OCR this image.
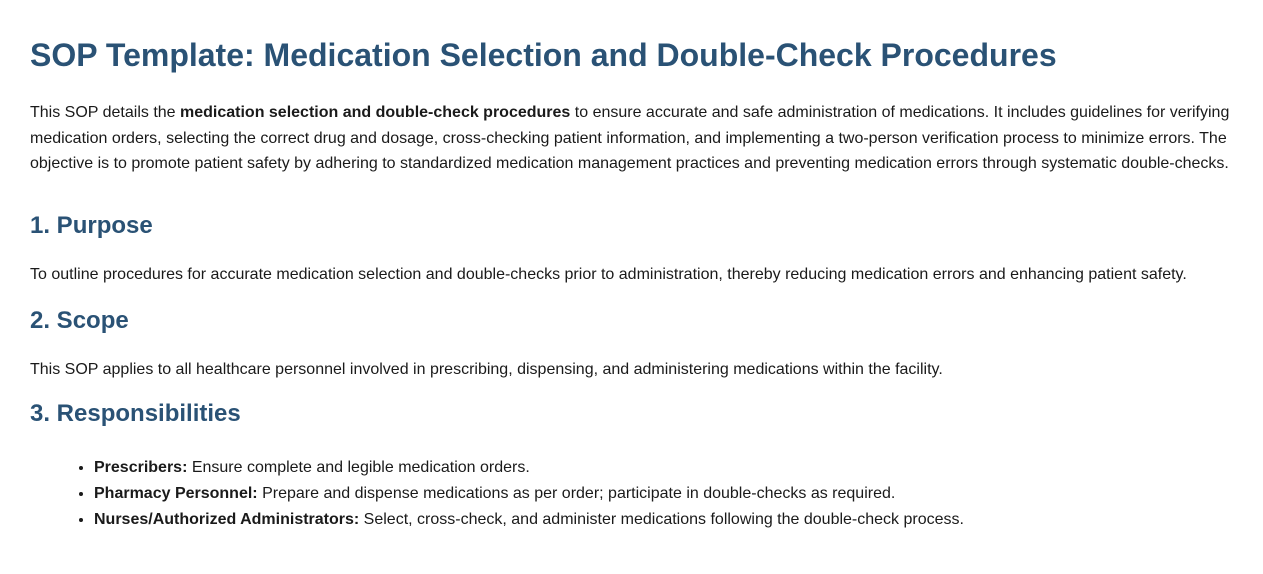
SOP Template: Medication Selection and Double-Check Procedures

This SOP details the medication selection and double-check procedures to ensure accurate and safe administration of medications. It includes guidelines for verifying medication orders, selecting the correct drug and dosage, cross-checking patient information, and implementing a two-person verification process to minimize errors. The objective is to promote patient safety by adhering to standardized medication management practices and preventing medication errors through systematic double-checks.

1. Purpose

To outline procedures for accurate medication selection and double-checks prior to administration, thereby reducing medication errors and enhancing patient safety.

2. Scope

This SOP applies to all healthcare personnel involved in prescribing, dispensing, and administering medications within the facility.

3. Responsibilities
• Prescribers: Ensure complete and legible medication orders.
• Pharmacy Personnel: Prepare and dispense medications as per order; participate in double-checks as required.
• Nurses/Authorized Administrators: Select, cross-check, and administer medications following the double-check process.
